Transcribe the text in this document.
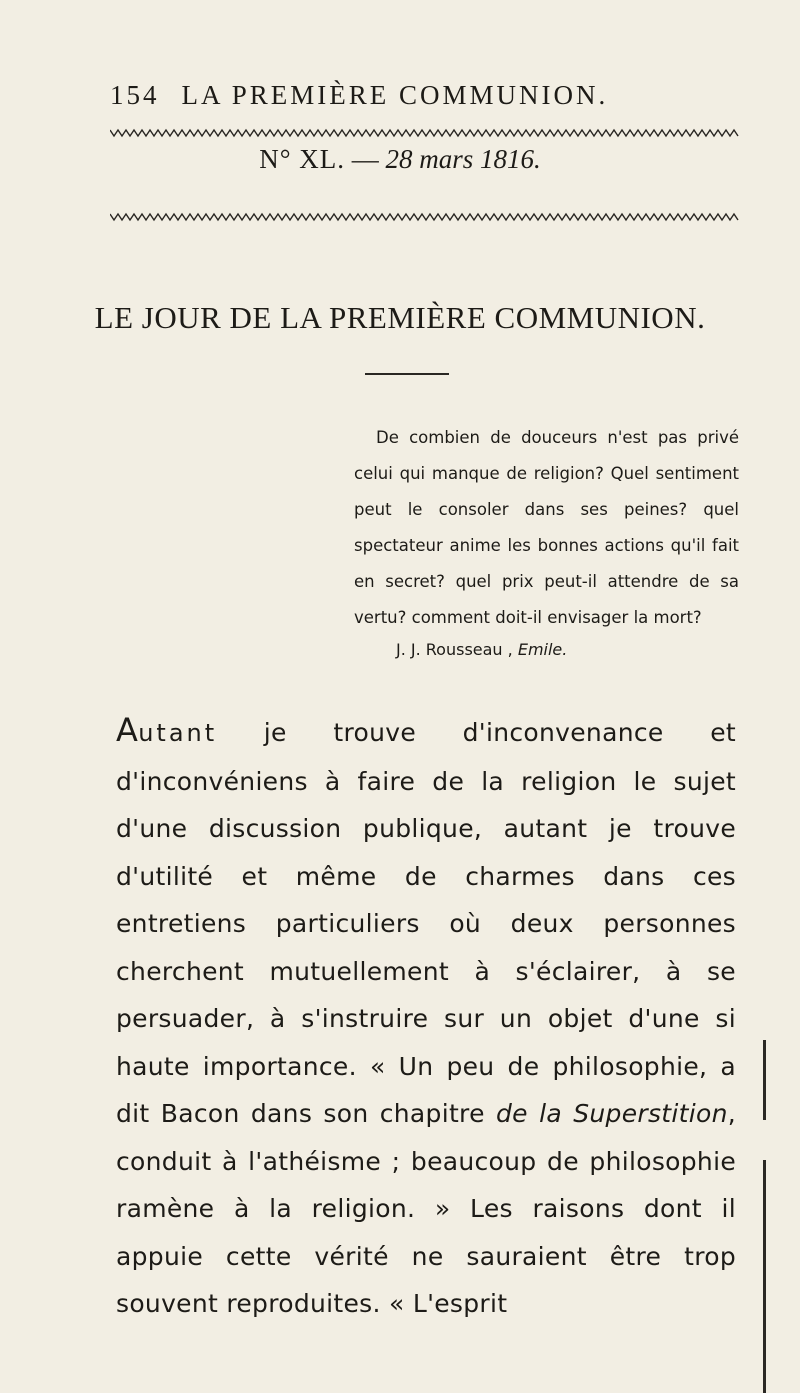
154 LA PREMIÈRE COMMUNION.
N° XL. — 28 mars 1816.
LE JOUR DE LA PREMIÈRE COMMUNION.

De combien de douceurs n'est pas privé celui qui manque de religion? Quel sentiment peut le consoler dans ses peines? quel spectateur anime les bonnes actions qu'il fait en secret? quel prix peut-il attendre de sa vertu? comment doit-il envisager la mort?

J. J. Rousseau , Emile.

Autant je trouve d'inconvenance et d'inconvéniens à faire de la religion le sujet d'une discussion publique, autant je trouve d'utilité et même de charmes dans ces entretiens particuliers où deux personnes cherchent mutuellement à s'éclairer, à se persuader, à s'instruire sur un objet d'une si haute importance. « Un peu de philosophie, a dit Bacon dans son chapitre de la Superstition, conduit à l'athéisme ; beaucoup de philosophie ramène à la religion. » Les raisons dont il appuie cette vérité ne sauraient être trop souvent reproduites. « L'esprit
